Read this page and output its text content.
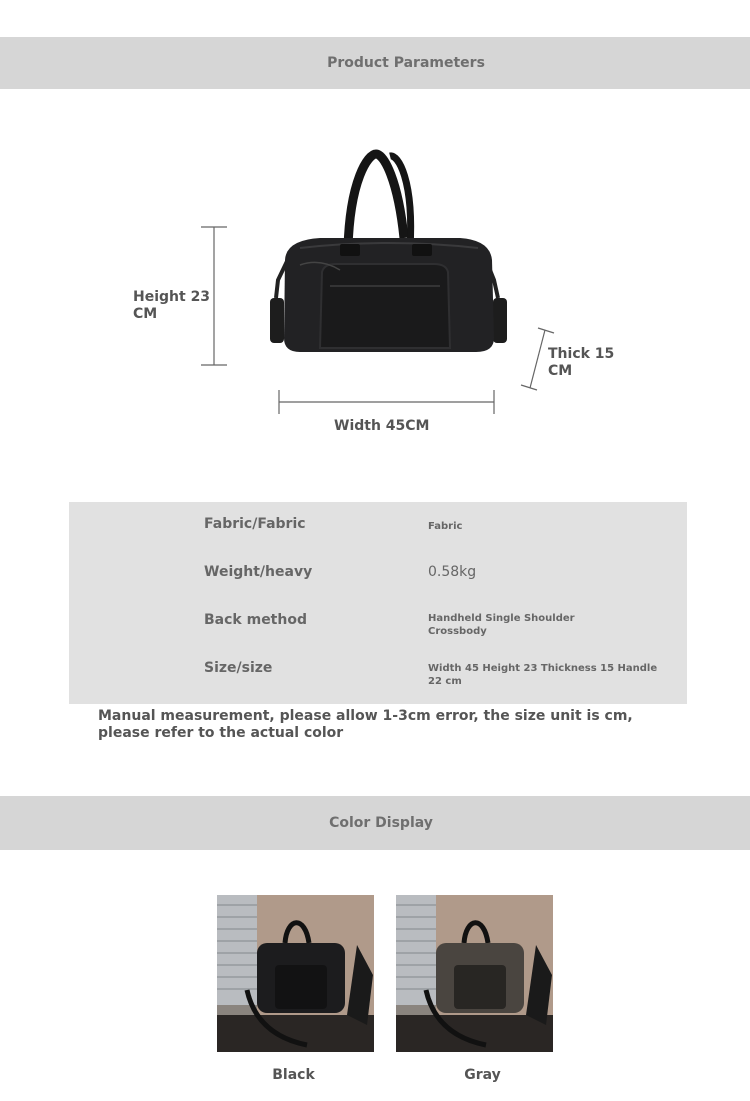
Product Parameters
Height 23 CM
Thick 15 CM
Width 45CM
Fabric/Fabric	Fabric
Weight/heavy	0.58kg
Back method	Handheld Single Shoulder Crossbody
Size/size	Width 45 Height 23 Thickness 15 Handle 22 cm
Manual measurement, please allow 1-3cm error, the size unit is cm, please refer to the actual color
Color Display
Black	Gray
